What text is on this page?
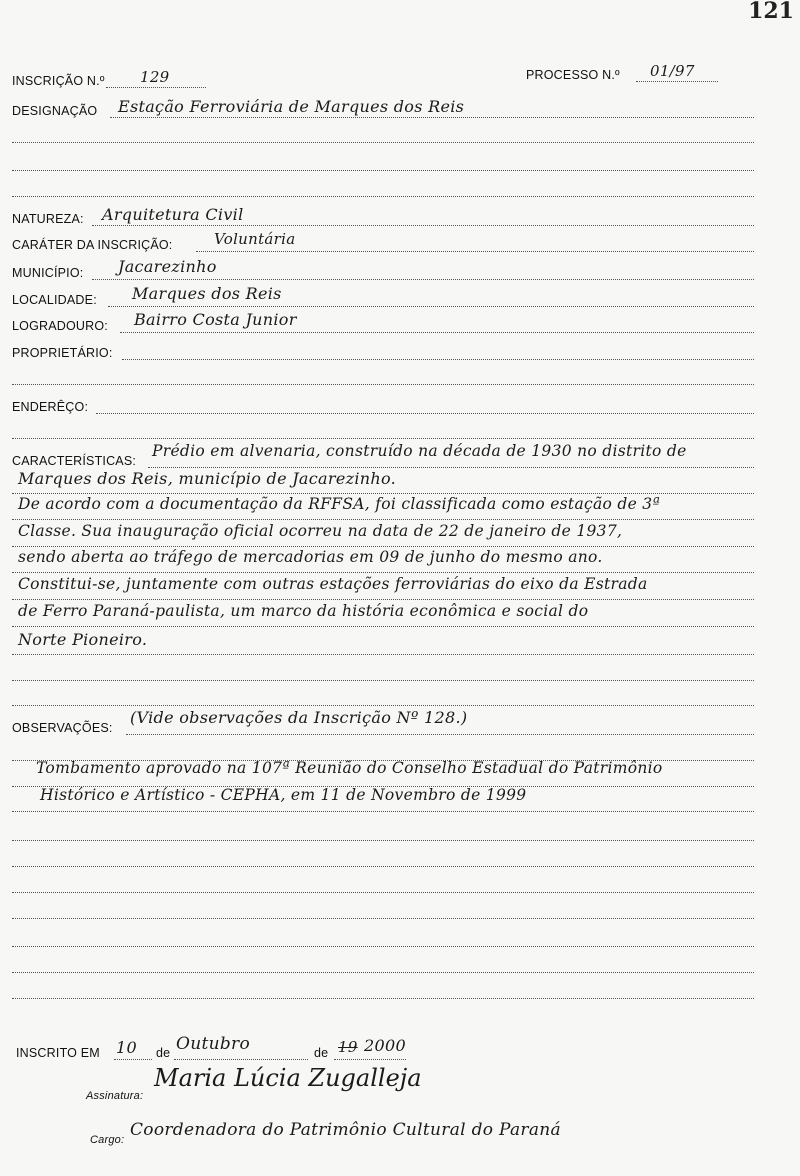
121
INSCRIÇÃO N.º 129	PROCESSO N.º 01/97
DESIGNAÇÃO Estação Ferroviária de Marques dos Reis
NATUREZA: Arquitetura Civil
CARÁTER DA INSCRIÇÃO:	Voluntária
MUNICÍPIO: Jacarezinho
LOCALIDADE: Marques dos Reis
LOGRADOURO: Bairro Costa Junior
PROPRIETÁRIO:
ENDERÊÇO:
CARACTERÍSTICAS:
Prédio em alvenaria, construído na década de 1930 no distrito de
Marques dos Reis, município de Jacarezinho.
De acordo com a documentação da RFFSA, foi classificada como estação de 3ª
Classe. Sua inauguração oficial ocorreu na data de 22 de janeiro de 1937,
sendo aberta ao tráfego de mercadorias em 09 de junho do mesmo ano.
Constitui-se, juntamente com outras estações ferroviárias do eixo da Estrada
de Ferro Paraná-paulista, um marco da história econômica e social do
Norte Pioneiro.
OBSERVAÇÕES:
(Vide observações da Inscrição Nº 128.)
Tombamento aprovado na 107ª Reunião do Conselho Estadual do Patrimônio
Histórico e Artístico - CEPHA, em 11 de Novembro de 1999
INSCRITO EM 10 de Outubro	de 19 2000
Assinatura:
Maria Lúcia Zugalleja
Cargo: Coordenadora do Patrimônio Cultural do Paraná
